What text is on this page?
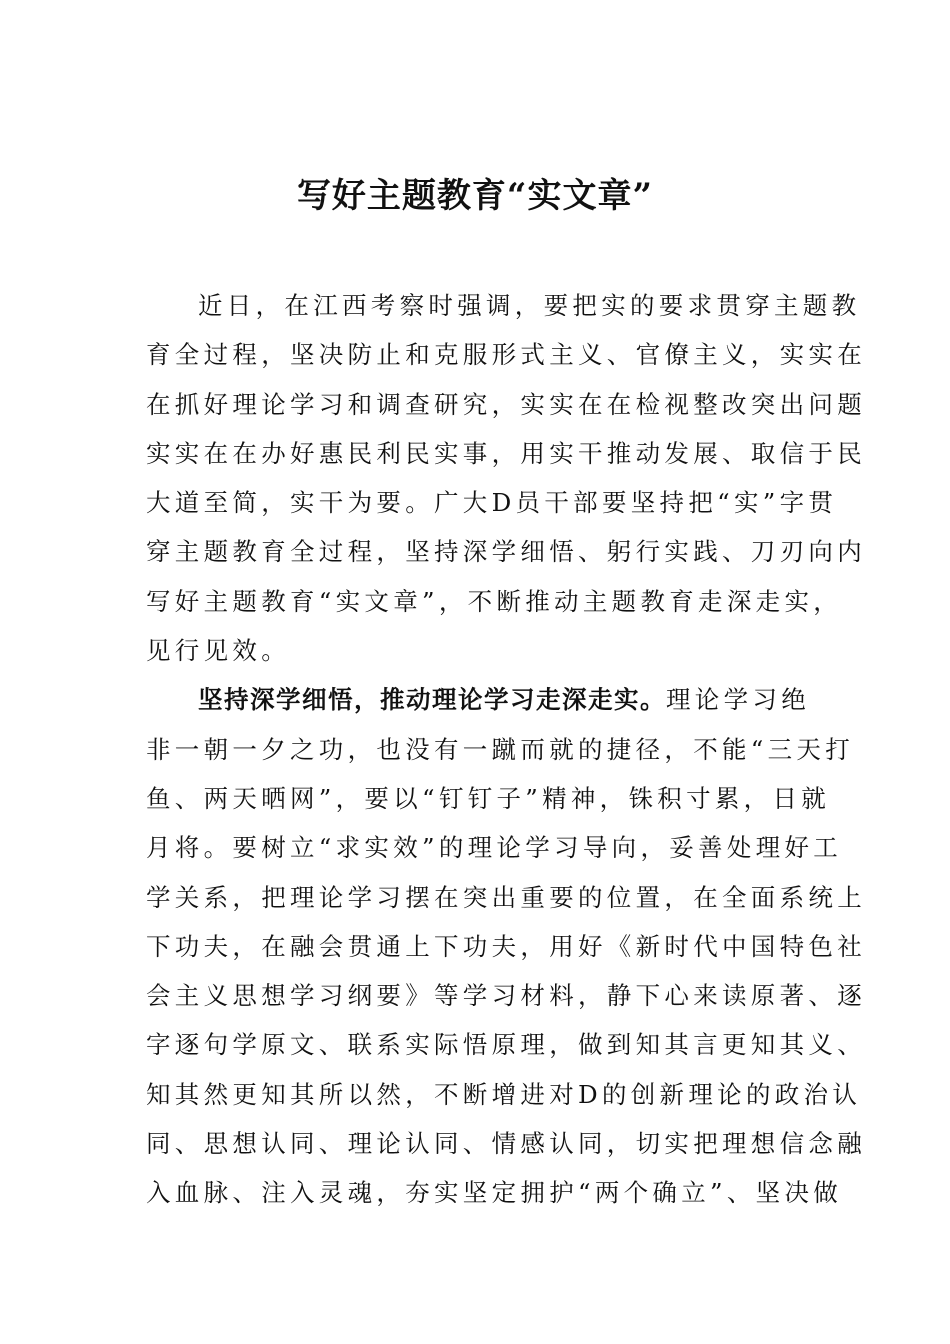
写好主题教育“实文章”

近日，在江西考察时强调，要把实的要求贯穿主题教

育全过程，坚决防止和克服形式主义、官僚主义，实实在

在抓好理论学习和调查研究，实实在在检视整改突出问题

实实在在办好惠民利民实事，用实干推动发展、取信于民

大道至简，实干为要。广大D员干部要坚持把“实”字贯

穿主题教育全过程，坚持深学细悟、躬行实践、刀刃向内

写好主题教育“实文章”，不断推动主题教育走深走实，

见行见效。

坚持深学细悟，推动理论学习走深走实。理论学习绝

非一朝一夕之功，也没有一蹴而就的捷径，不能“三天打

鱼、两天晒网”，要以“钉钉子”精神，铢积寸累，日就

月将。要树立“求实效”的理论学习导向，妥善处理好工

学关系，把理论学习摆在突出重要的位置，在全面系统上

下功夫，在融会贯通上下功夫，用好《新时代中国特色社

会主义思想学习纲要》等学习材料，静下心来读原著、逐

字逐句学原文、联系实际悟原理，做到知其言更知其义、

知其然更知其所以然，不断增进对D的创新理论的政治认

同、思想认同、理论认同、情感认同，切实把理想信念融

入血脉、注入灵魂，夯实坚定拥护“两个确立”、坚决做
